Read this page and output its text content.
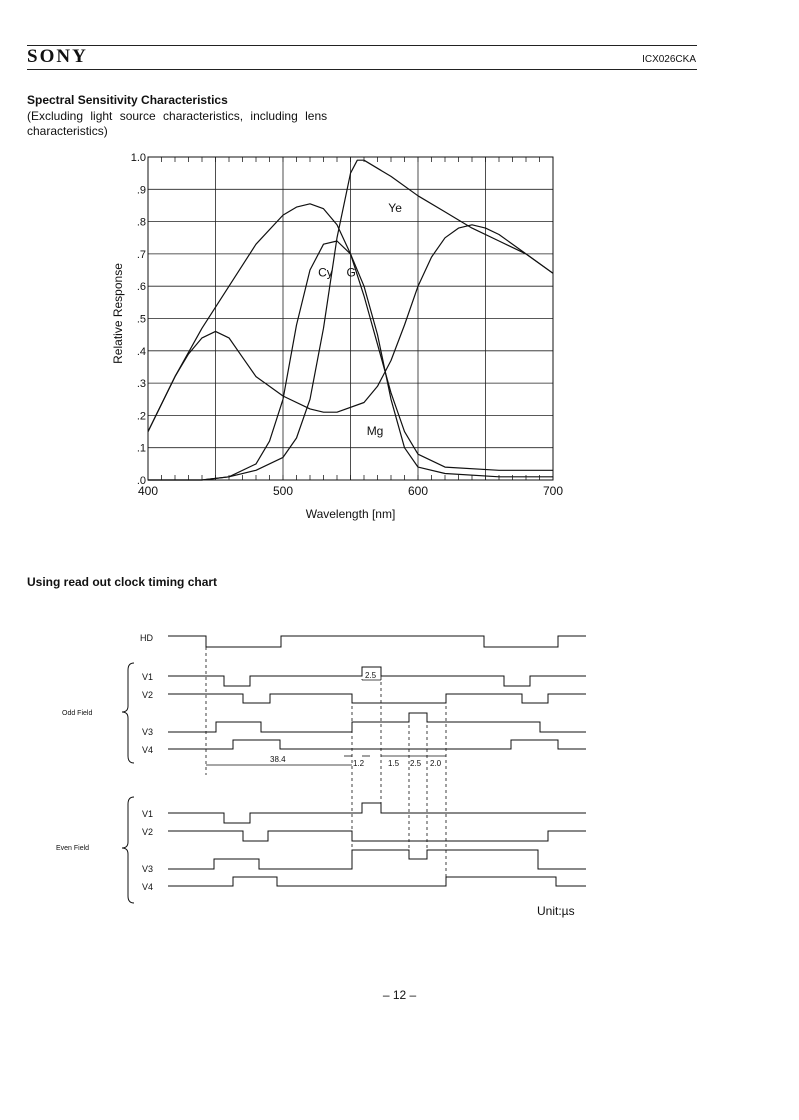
SONY	ICX026CKA
Spectral Sensitivity Characteristics
(Excluding light source characteristics, including lens
characteristics)
.0
.1
.2
.3
.4
.5
.6
.7
.8
.9
1.0
400	500	600	700
Wavelength [nm]
Relative Response
Ye
Cy G
Mg
Using read out clock timing chart
2.5
38.4	1.2	1.5 2.5 2.0
HD
V1
V2
V3
V4
V1
V2
V3
V4
Odd Field
Even Field
Unit:µs
– 12 –
